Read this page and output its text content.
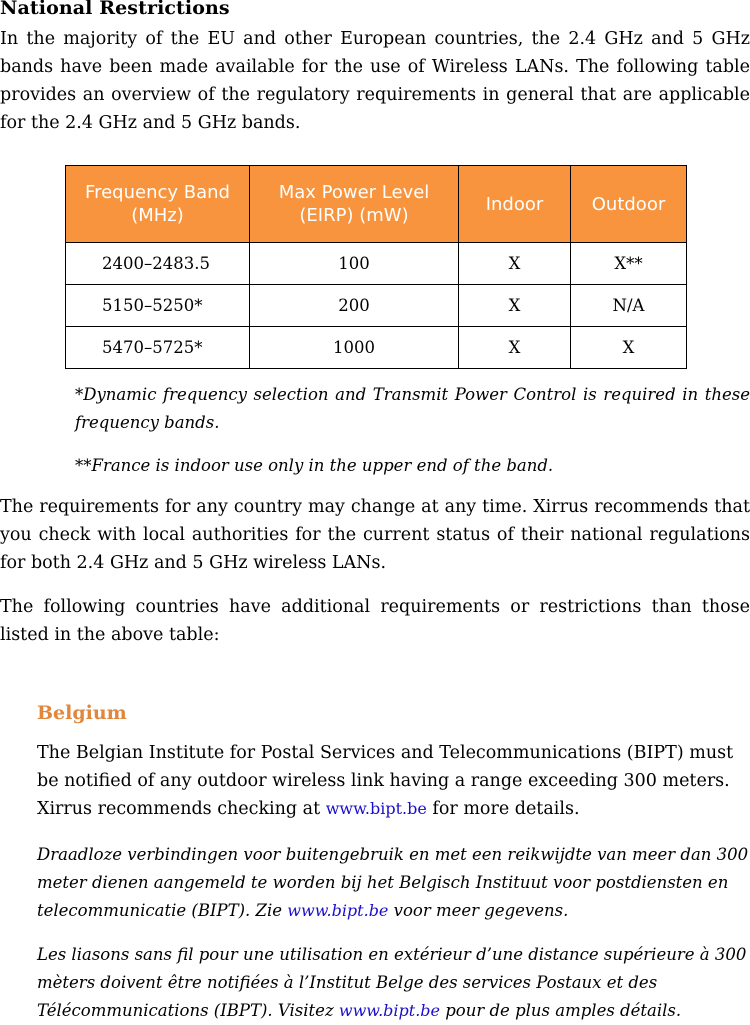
National Restrictions

In the majority of the EU and other European countries, the 2.4 GHz and 5 GHz bands have been made available for the use of Wireless LANs. The following table provides an overview of the regulatory requirements in general that are applicable for the 2.4 GHz and 5 GHz bands.

Frequency Band (MHz)	Max Power Level (EIRP) (mW)	Indoor	Outdoor
2400–2483.5	100	X	X**
5150–5250*	200	X	N/A
5470–5725*	1000	X	X

*Dynamic frequency selection and Transmit Power Control is required in these frequency bands.

**France is indoor use only in the upper end of the band.

The requirements for any country may change at any time. Xirrus recommends that you check with local authorities for the current status of their national regulations for both 2.4 GHz and 5 GHz wireless LANs.

The following countries have additional requirements or restrictions than those listed in the above table:

Belgium

The Belgian Institute for Postal Services and Telecommunications (BIPT) must be notified of any outdoor wireless link having a range exceeding 300 meters. Xirrus recommends checking at www.bipt.be for more details.

Draadloze verbindingen voor buitengebruik en met een reikwijdte van meer dan 300 meter dienen aangemeld te worden bij het Belgisch Instituut voor postdiensten en telecommunicatie (BIPT). Zie www.bipt.be voor meer gegevens.

Les liasons sans fil pour une utilisation en extérieur d’une distance supérieure à 300 mèters doivent être notifiées à l’Institut Belge des services Postaux et des Télécommunications (IBPT). Visitez www.bipt.be pour de plus amples détails.
